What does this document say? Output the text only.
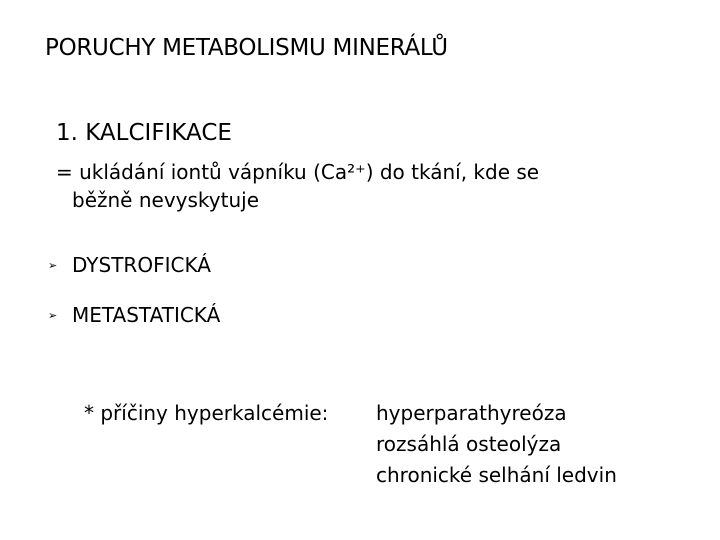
PORUCHY METABOLISMU MINERÁLŮ
1. KALCIFIKACE
= ukládání iontů vápníku (Ca²⁺) do tkání, kde se
běžně nevyskytuje
➢ DYSTROFICKÁ
➢ METASTATICKÁ
* příčiny hyperkalcémie:	hyperparathyreóza
rozsáhlá osteolýza
chronické selhání ledvin
